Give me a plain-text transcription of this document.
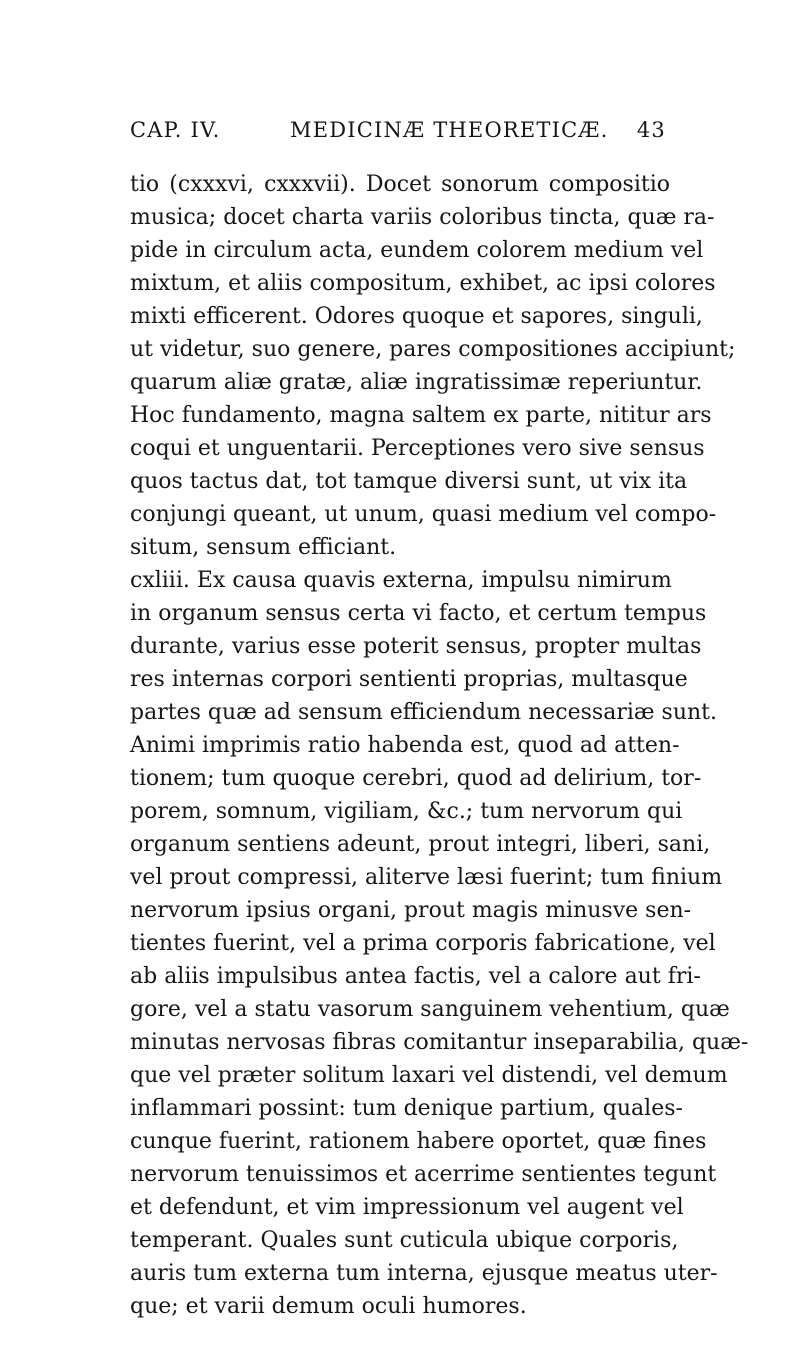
CAP. IV.	MEDICINÆ THEORETICÆ. 43
tio (cxxxvi, cxxxvii). Docet sonorum compositio
musica; docet charta variis coloribus tincta, quæ ra-
pide in circulum acta, eundem colorem medium vel
mixtum, et aliis compositum, exhibet, ac ipsi colores
mixti efficerent. Odores quoque et sapores, singuli,
ut videtur, suo genere, pares compositiones accipiunt;
quarum aliæ gratæ, aliæ ingratissimæ reperiuntur.
Hoc fundamento, magna saltem ex parte, nititur ars
coqui et unguentarii. Perceptiones vero sive sensus
quos tactus dat, tot tamque diversi sunt, ut vix ita
conjungi queant, ut unum, quasi medium vel compo-
situm, sensum efficiant.
cxliii. Ex causa quavis externa, impulsu nimirum
in organum sensus certa vi facto, et certum tempus
durante, varius esse poterit sensus, propter multas
res internas corpori sentienti proprias, multasque
partes quæ ad sensum efficiendum necessariæ sunt.
Animi imprimis ratio habenda est, quod ad atten-
tionem; tum quoque cerebri, quod ad delirium, tor-
porem, somnum, vigiliam, &c.; tum nervorum qui
organum sentiens adeunt, prout integri, liberi, sani,
vel prout compressi, aliterve læsi fuerint; tum finium
nervorum ipsius organi, prout magis minusve sen-
tientes fuerint, vel a prima corporis fabricatione, vel
ab aliis impulsibus antea factis, vel a calore aut fri-
gore, vel a statu vasorum sanguinem vehentium, quæ
minutas nervosas fibras comitantur inseparabilia, quæ-
que vel præter solitum laxari vel distendi, vel demum
inflammari possint: tum denique partium, quales-
cunque fuerint, rationem habere oportet, quæ fines
nervorum tenuissimos et acerrime sentientes tegunt
et defendunt, et vim impressionum vel augent vel
temperant. Quales sunt cuticula ubique corporis,
auris tum externa tum interna, ejusque meatus uter-
que; et varii demum oculi humores.
